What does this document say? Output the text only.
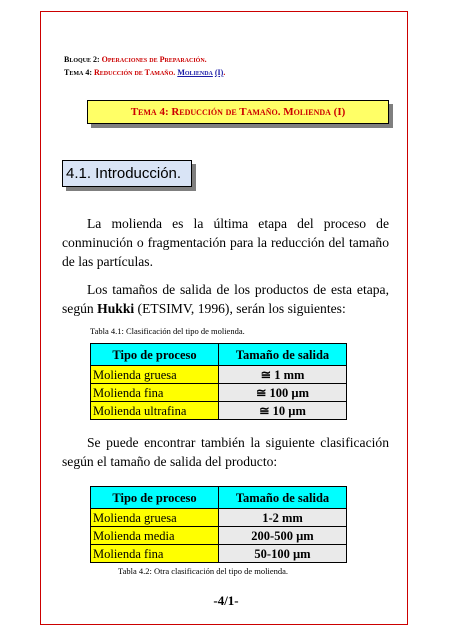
Bloque 2: Operaciones de Preparación.
Tema 4: Reducción de Tamaño. Molienda (I).
Tema 4: Reducción de Tamaño. Molienda (I)
4.1. Introducción.

La molienda es la última etapa del proceso de conminución o fragmentación para la reducción del tamaño de las partículas.

Los tamaños de salida de los productos de esta etapa, según Hukki (ETSIMV, 1996), serán los siguientes:

Tabla 4.1: Clasificación del tipo de molienda.
Tipo de proceso	Tamaño de salida
Molienda gruesa	≅ 1 mm
Molienda fina	≅ 100 µm
Molienda ultrafina	≅ 10 µm

Se puede encontrar también la siguiente clasificación según el tamaño de salida del producto:

Tipo de proceso	Tamaño de salida
Molienda gruesa	1-2 mm
Molienda media	200-500 µm
Molienda fina	50-100 µm
Tabla 4.2: Otra clasificación del tipo de molienda.
-4/1-
